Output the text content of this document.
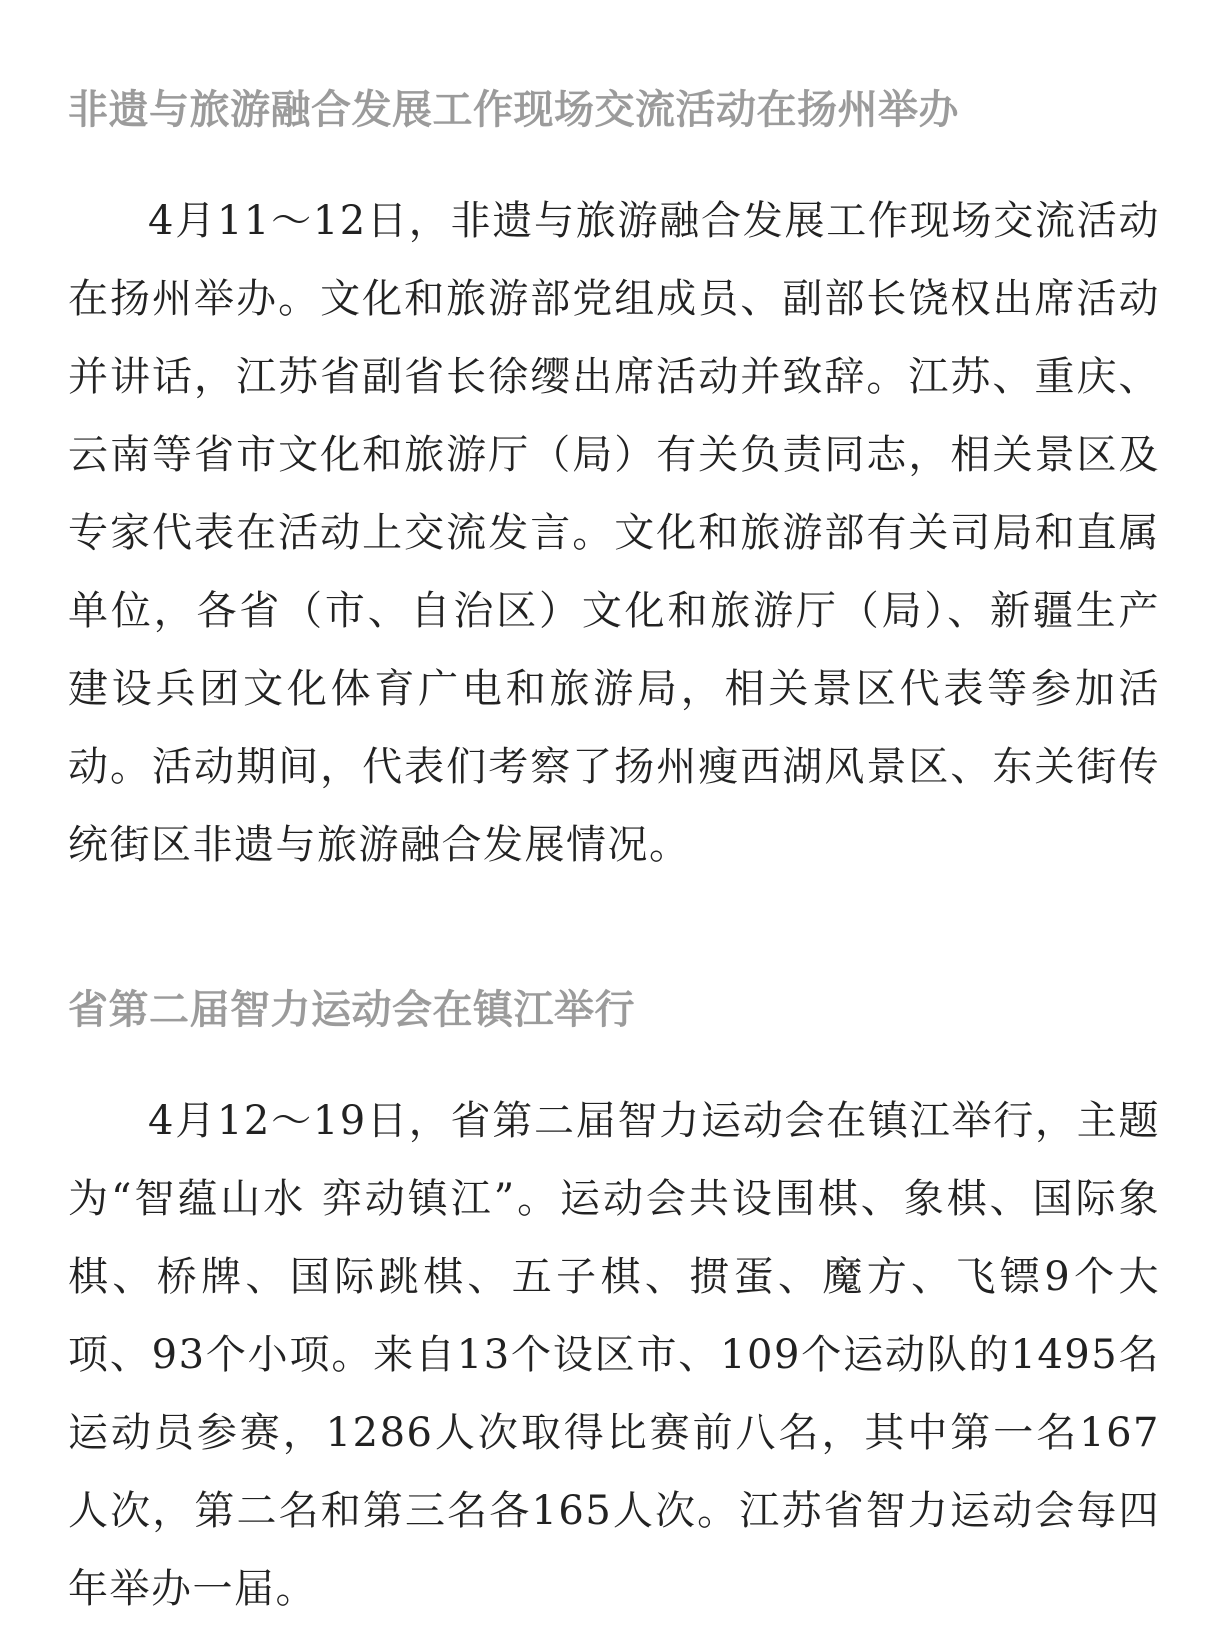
非遗与旅游融合发展工作现场交流活动在扬州举办

4月11～12日，非遗与旅游融合发展工作现场交流活动在扬州举办。文化和旅游部党组成员、副部长饶权出席活动并讲话，江苏省副省长徐缨出席活动并致辞。江苏、重庆、云南等省市文化和旅游厅（局）有关负责同志，相关景区及专家代表在活动上交流发言。文化和旅游部有关司局和直属单位，各省（市、自治区）文化和旅游厅（局）、新疆生产建设兵团文化体育广电和旅游局，相关景区代表等参加活动。活动期间，代表们考察了扬州瘦西湖风景区、东关街传统街区非遗与旅游融合发展情况。

省第二届智力运动会在镇江举行

4月12～19日，省第二届智力运动会在镇江举行，主题为“智蕴山水 弈动镇江”。运动会共设围棋、象棋、国际象棋、桥牌、国际跳棋、五子棋、掼蛋、魔方、飞镖9个大项、93个小项。来自13个设区市、109个运动队的1495名运动员参赛，1286人次取得比赛前八名，其中第一名167人次，第二名和第三名各165人次。江苏省智力运动会每四年举办一届。
